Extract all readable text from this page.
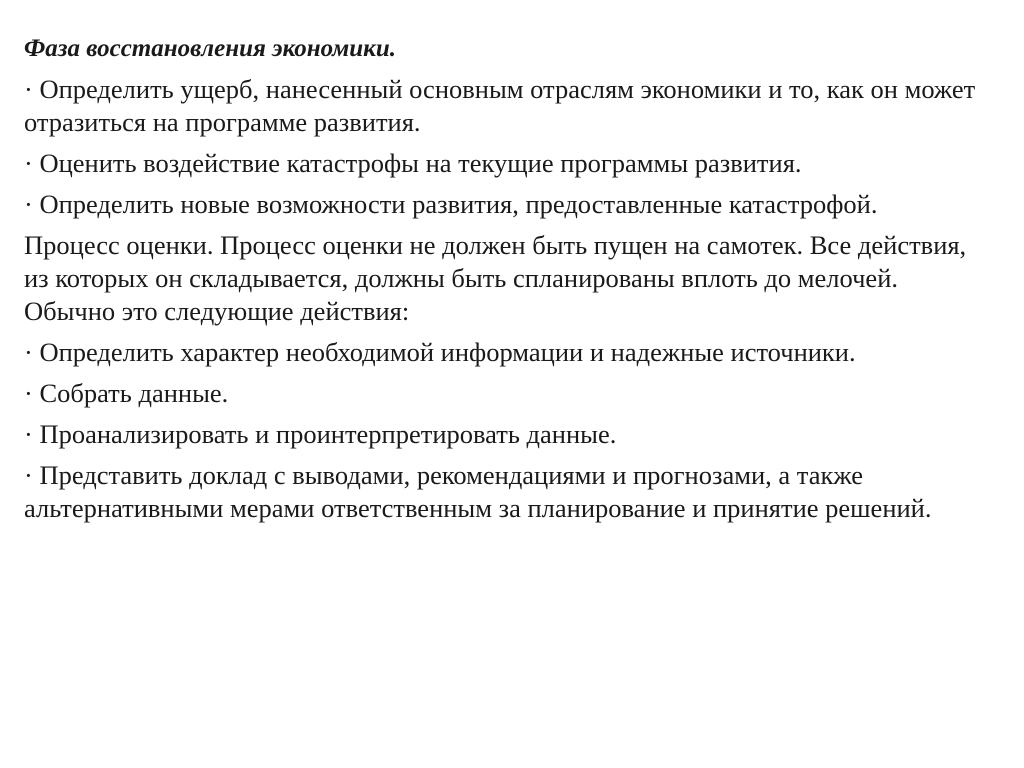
Фаза восстановления экономики.
· Определить ущерб, нанесенный основным отраслям экономики и то, как он может отразиться на программе развития.
· Оценить воздействие катастрофы на текущие программы развития.
· Определить новые возможности развития, предоставленные катастрофой.
Процесс оценки. Процесс оценки не должен быть пущен на самотек. Все действия, из которых он складывается, должны быть спланированы вплоть до мелочей. Обычно это следующие действия:
· Определить характер необходимой информации и надежные источники.
· Собрать данные.
· Проанализировать и проинтерпретировать данные.
· Представить доклад с выводами, рекомендациями и прогнозами, а также альтернативными мерами ответственным за планирование и принятие решений.
